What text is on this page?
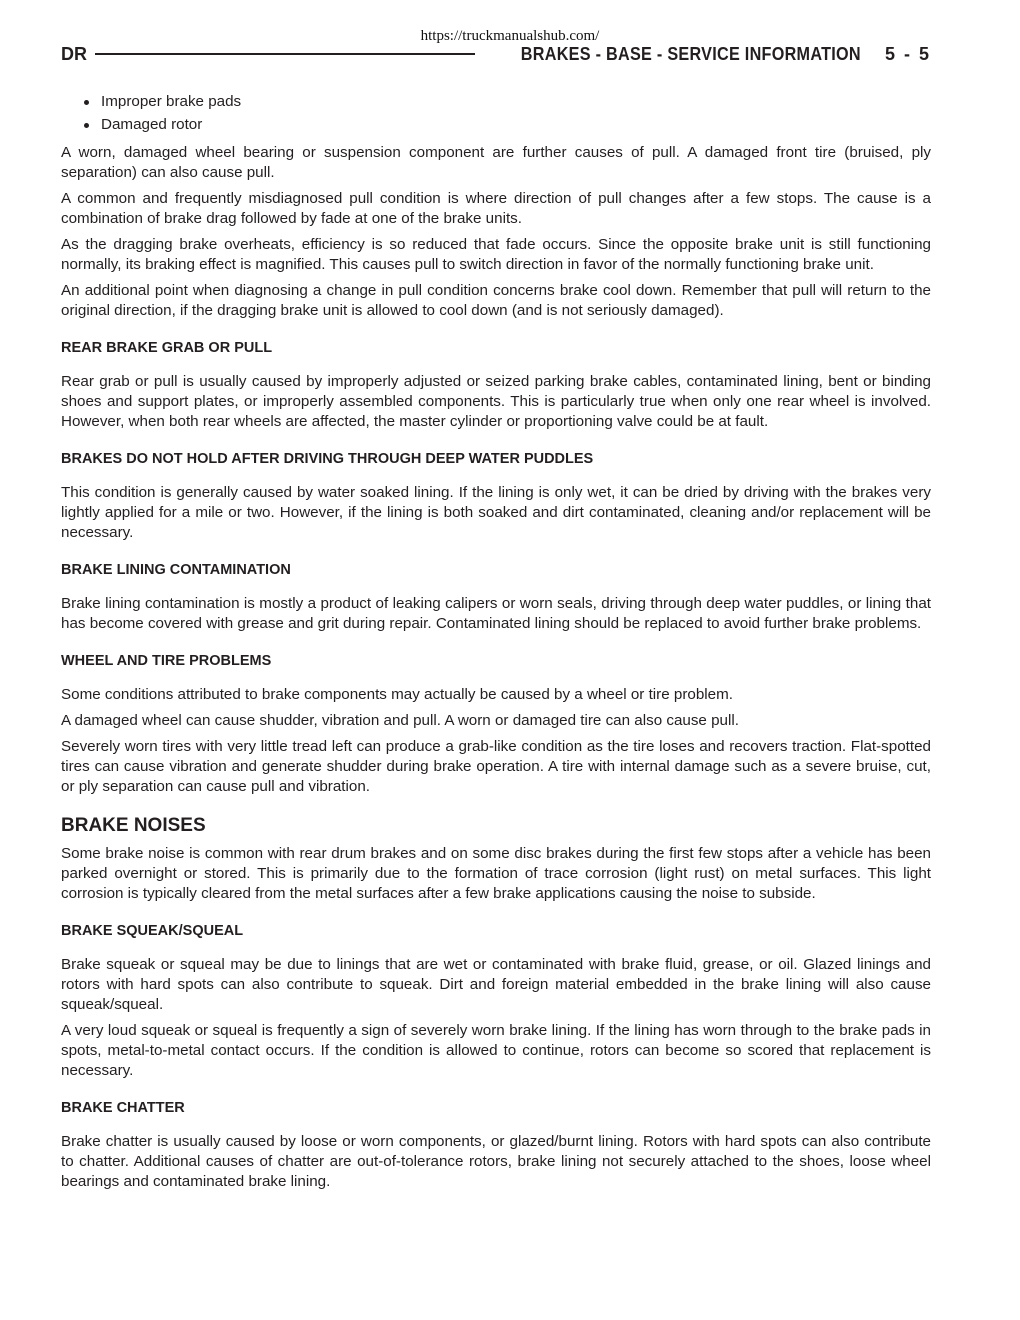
https://truckmanualshub.com/
DR	BRAKES - BASE - SERVICE INFORMATION 5 - 5
Improper brake pads
Damaged rotor

A worn, damaged wheel bearing or suspension component are further causes of pull. A damaged front tire (bruised, ply separation) can also cause pull.

A common and frequently misdiagnosed pull condition is where direction of pull changes after a few stops. The cause is a combination of brake drag followed by fade at one of the brake units.

As the dragging brake overheats, efficiency is so reduced that fade occurs. Since the opposite brake unit is still functioning normally, its braking effect is magnified. This causes pull to switch direction in favor of the normally functioning brake unit.

An additional point when diagnosing a change in pull condition concerns brake cool down. Remember that pull will return to the original direction, if the dragging brake unit is allowed to cool down (and is not seriously damaged).

REAR BRAKE GRAB OR PULL

Rear grab or pull is usually caused by improperly adjusted or seized parking brake cables, contaminated lining, bent or binding shoes and support plates, or improperly assembled components. This is particularly true when only one rear wheel is involved. However, when both rear wheels are affected, the master cylinder or proportioning valve could be at fault.

BRAKES DO NOT HOLD AFTER DRIVING THROUGH DEEP WATER PUDDLES

This condition is generally caused by water soaked lining. If the lining is only wet, it can be dried by driving with the brakes very lightly applied for a mile or two. However, if the lining is both soaked and dirt contaminated, cleaning and/or replacement will be necessary.

BRAKE LINING CONTAMINATION

Brake lining contamination is mostly a product of leaking calipers or worn seals, driving through deep water puddles, or lining that has become covered with grease and grit during repair. Contaminated lining should be replaced to avoid further brake problems.

WHEEL AND TIRE PROBLEMS

Some conditions attributed to brake components may actually be caused by a wheel or tire problem.

A damaged wheel can cause shudder, vibration and pull. A worn or damaged tire can also cause pull.

Severely worn tires with very little tread left can produce a grab-like condition as the tire loses and recovers traction. Flat-spotted tires can cause vibration and generate shudder during brake operation. A tire with internal damage such as a severe bruise, cut, or ply separation can cause pull and vibration.

BRAKE NOISES

Some brake noise is common with rear drum brakes and on some disc brakes during the first few stops after a vehicle has been parked overnight or stored. This is primarily due to the formation of trace corrosion (light rust) on metal surfaces. This light corrosion is typically cleared from the metal surfaces after a few brake applications causing the noise to subside.

BRAKE SQUEAK/SQUEAL

Brake squeak or squeal may be due to linings that are wet or contaminated with brake fluid, grease, or oil. Glazed linings and rotors with hard spots can also contribute to squeak. Dirt and foreign material embedded in the brake lining will also cause squeak/squeal.

A very loud squeak or squeal is frequently a sign of severely worn brake lining. If the lining has worn through to the brake pads in spots, metal-to-metal contact occurs. If the condition is allowed to continue, rotors can become so scored that replacement is necessary.

BRAKE CHATTER

Brake chatter is usually caused by loose or worn components, or glazed/burnt lining. Rotors with hard spots can also contribute to chatter. Additional causes of chatter are out-of-tolerance rotors, brake lining not securely attached to the shoes, loose wheel bearings and contaminated brake lining.
